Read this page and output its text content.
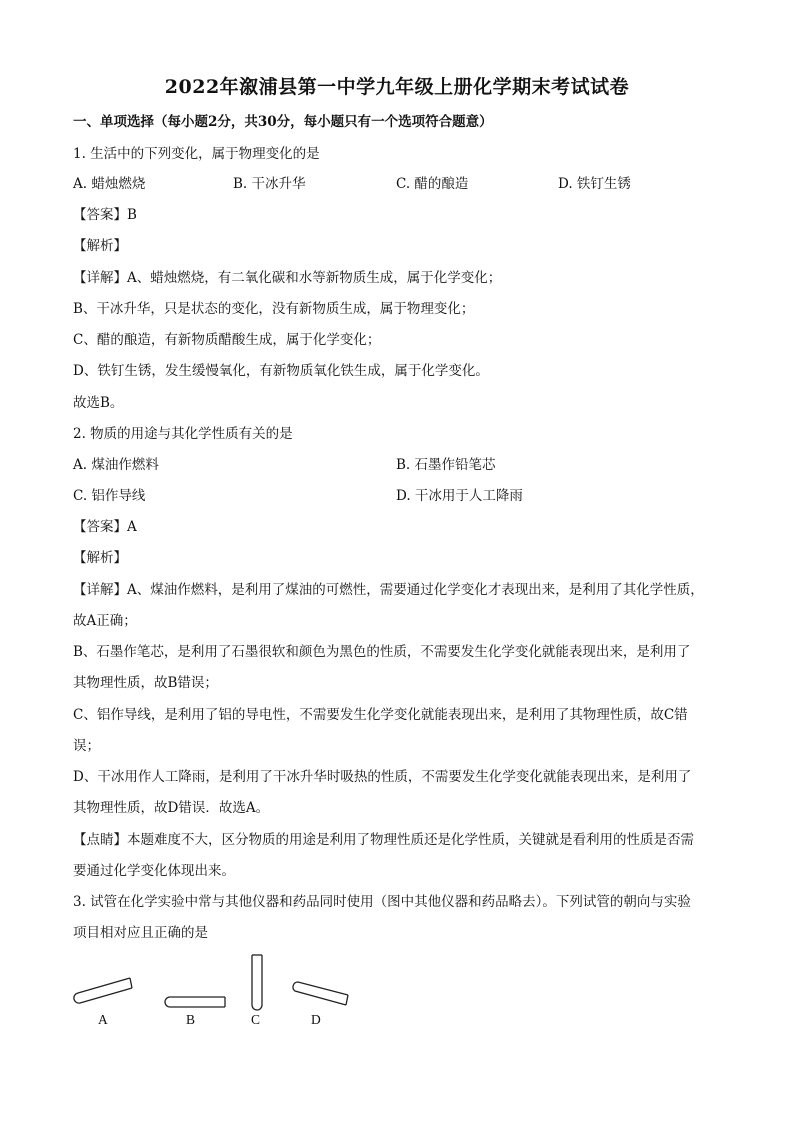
2022年溆浦县第一中学九年级上册化学期末考试试卷
一、单项选择（每小题2分，共30分，每小题只有一个选项符合题意）
1. 生活中的下列变化，属于物理变化的是
A. 蜡烛燃烧	B. 干冰升华	C. 醋的酿造	D. 铁钉生锈
【答案】B
【解析】
【详解】A、蜡烛燃烧，有二氧化碳和水等新物质生成，属于化学变化；
B、干冰升华，只是状态的变化，没有新物质生成，属于物理变化；
C、醋的酿造，有新物质醋酸生成，属于化学变化；
D、铁钉生锈，发生缓慢氧化，有新物质氧化铁生成，属于化学变化。
故选B。
2. 物质的用途与其化学性质有关的是
A. 煤油作燃料	B. 石墨作铅笔芯
C. 铝作导线	D. 干冰用于人工降雨
【答案】A
【解析】
【详解】A、煤油作燃料，是利用了煤油的可燃性，需要通过化学变化才表现出来，是利用了其化学性质，
故A正确；
B、石墨作笔芯，是利用了石墨很软和颜色为黑色的性质，不需要发生化学变化就能表现出来，是利用了
其物理性质，故B错误；
C、铝作导线，是利用了铝的导电性，不需要发生化学变化就能表现出来，是利用了其物理性质，故C错
误；
D、干冰用作人工降雨，是利用了干冰升华时吸热的性质，不需要发生化学变化就能表现出来，是利用了
其物理性质，故D错误．故选A。
【点睛】本题难度不大，区分物质的用途是利用了物理性质还是化学性质，关键就是看利用的性质是否需
要通过化学变化体现出来。
3. 试管在化学实验中常与其他仪器和药品同时使用（图中其他仪器和药品略去）。下列试管的朝向与实验
项目相对应且正确的是
A	B	C	D
